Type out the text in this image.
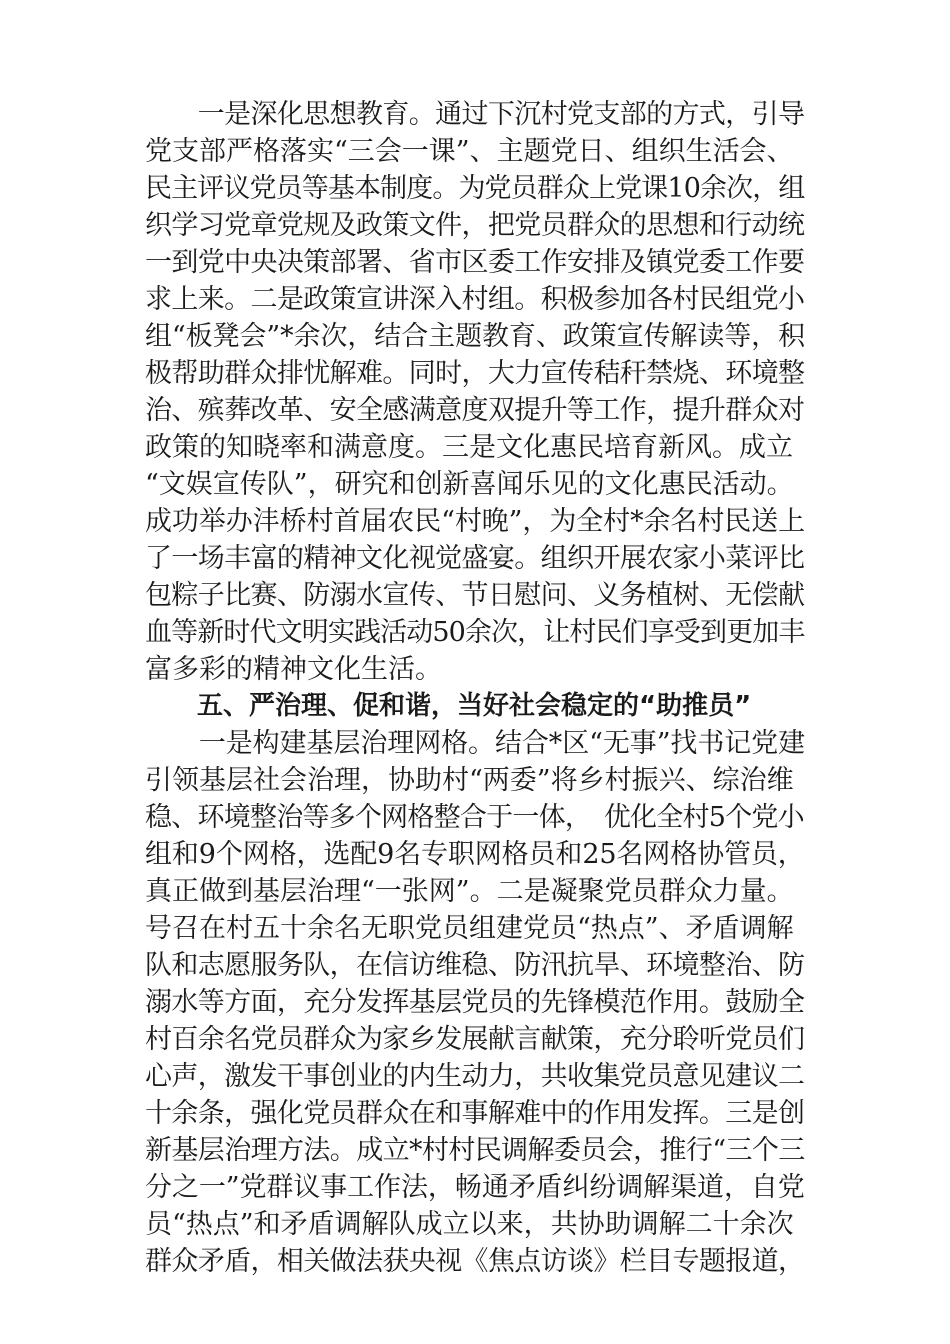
　　一是深化思想教育。通过下沉村党支部的方式，引导
党支部严格落实“三会一课”、主题党日、组织生活会、
民主评议党员等基本制度。为党员群众上党课10余次，组
织学习党章党规及政策文件，把党员群众的思想和行动统
一到党中央决策部署、省市区委工作安排及镇党委工作要
求上来。二是政策宣讲深入村组。积极参加各村民组党小
组“板凳会”*余次，结合主题教育、政策宣传解读等，积
极帮助群众排忧解难。同时，大力宣传秸秆禁烧、环境整
治、殡葬改革、安全感满意度双提升等工作，提升群众对
政策的知晓率和满意度。三是文化惠民培育新风。成立
“文娱宣传队”，研究和创新喜闻乐见的文化惠民活动。
成功举办沣桥村首届农民“村晚”，为全村*余名村民送上
了一场丰富的精神文化视觉盛宴。组织开展农家小菜评比
包粽子比赛、防溺水宣传、节日慰问、义务植树、无偿献
血等新时代文明实践活动50余次，让村民们享受到更加丰
富多彩的精神文化生活。
　　五、严治理、促和谐，当好社会稳定的“助推员”
　　一是构建基层治理网格。结合*区“无事”找书记党建
引领基层社会治理，协助村“两委”将乡村振兴、综治维
稳、环境整治等多个网格整合于一体，　优化全村5个党小
组和9个网格，选配9名专职网格员和25名网格协管员，
真正做到基层治理“一张网”。二是凝聚党员群众力量。
号召在村五十余名无职党员组建党员“热点”、矛盾调解
队和志愿服务队，在信访维稳、防汛抗旱、环境整治、防
溺水等方面，充分发挥基层党员的先锋模范作用。鼓励全
村百余名党员群众为家乡发展献言献策，充分聆听党员们
心声，激发干事创业的内生动力，共收集党员意见建议二
十余条，强化党员群众在和事解难中的作用发挥。三是创
新基层治理方法。成立*村村民调解委员会，推行“三个三
分之一”党群议事工作法，畅通矛盾纠纷调解渠道，自党
员“热点”和矛盾调解队成立以来，共协助调解二十余次
群众矛盾，相关做法获央视《焦点访谈》栏目专题报道，
